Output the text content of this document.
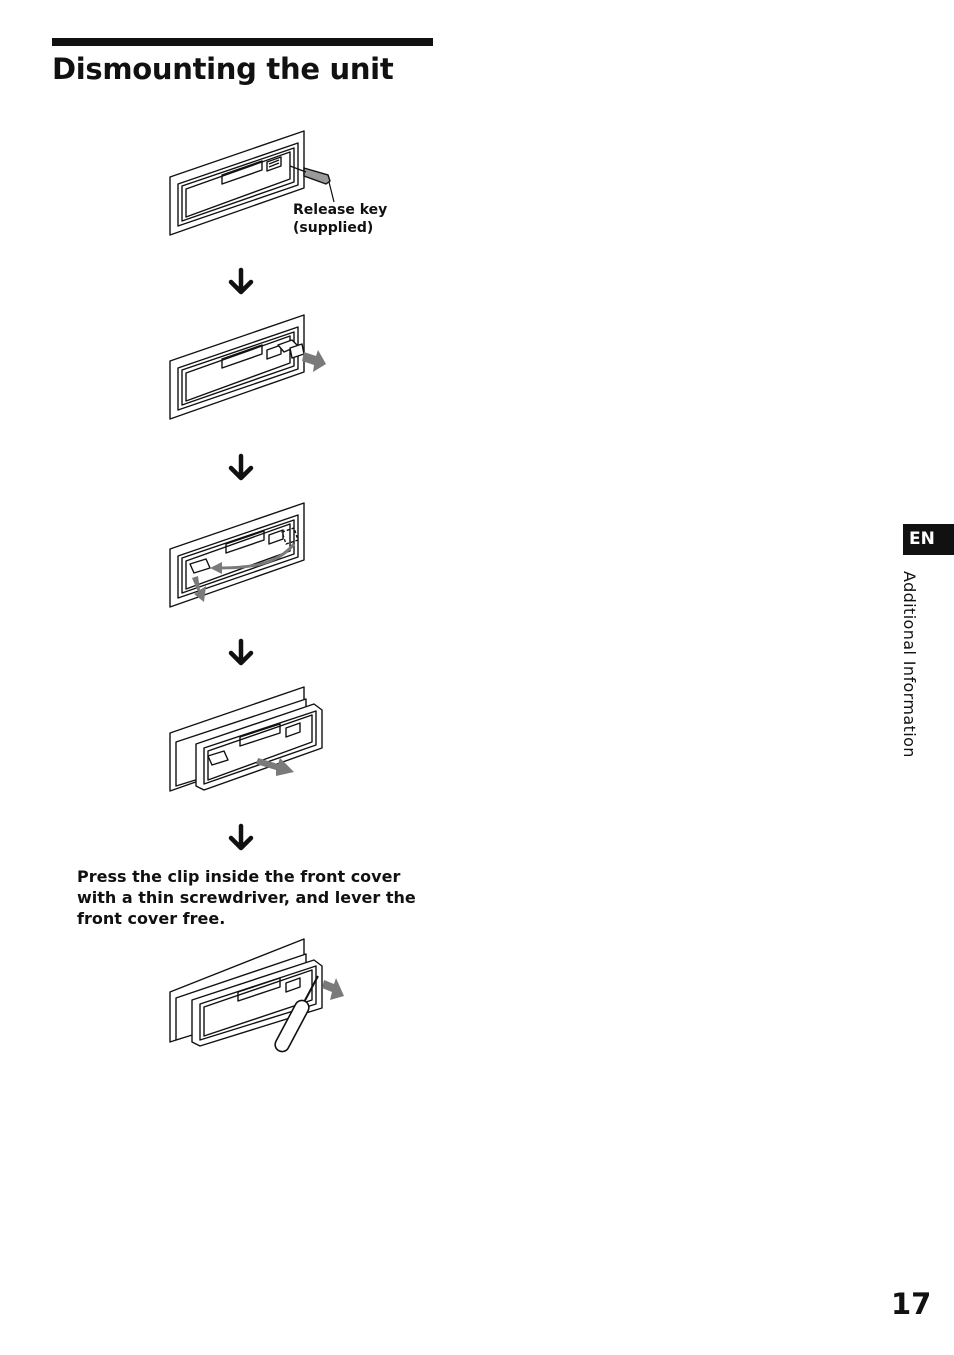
Dismounting the unit
Release key
(supplied)

Press the clip inside the front cover with a thin screwdriver, and lever the front cover free.

EN
Additional Information
17
